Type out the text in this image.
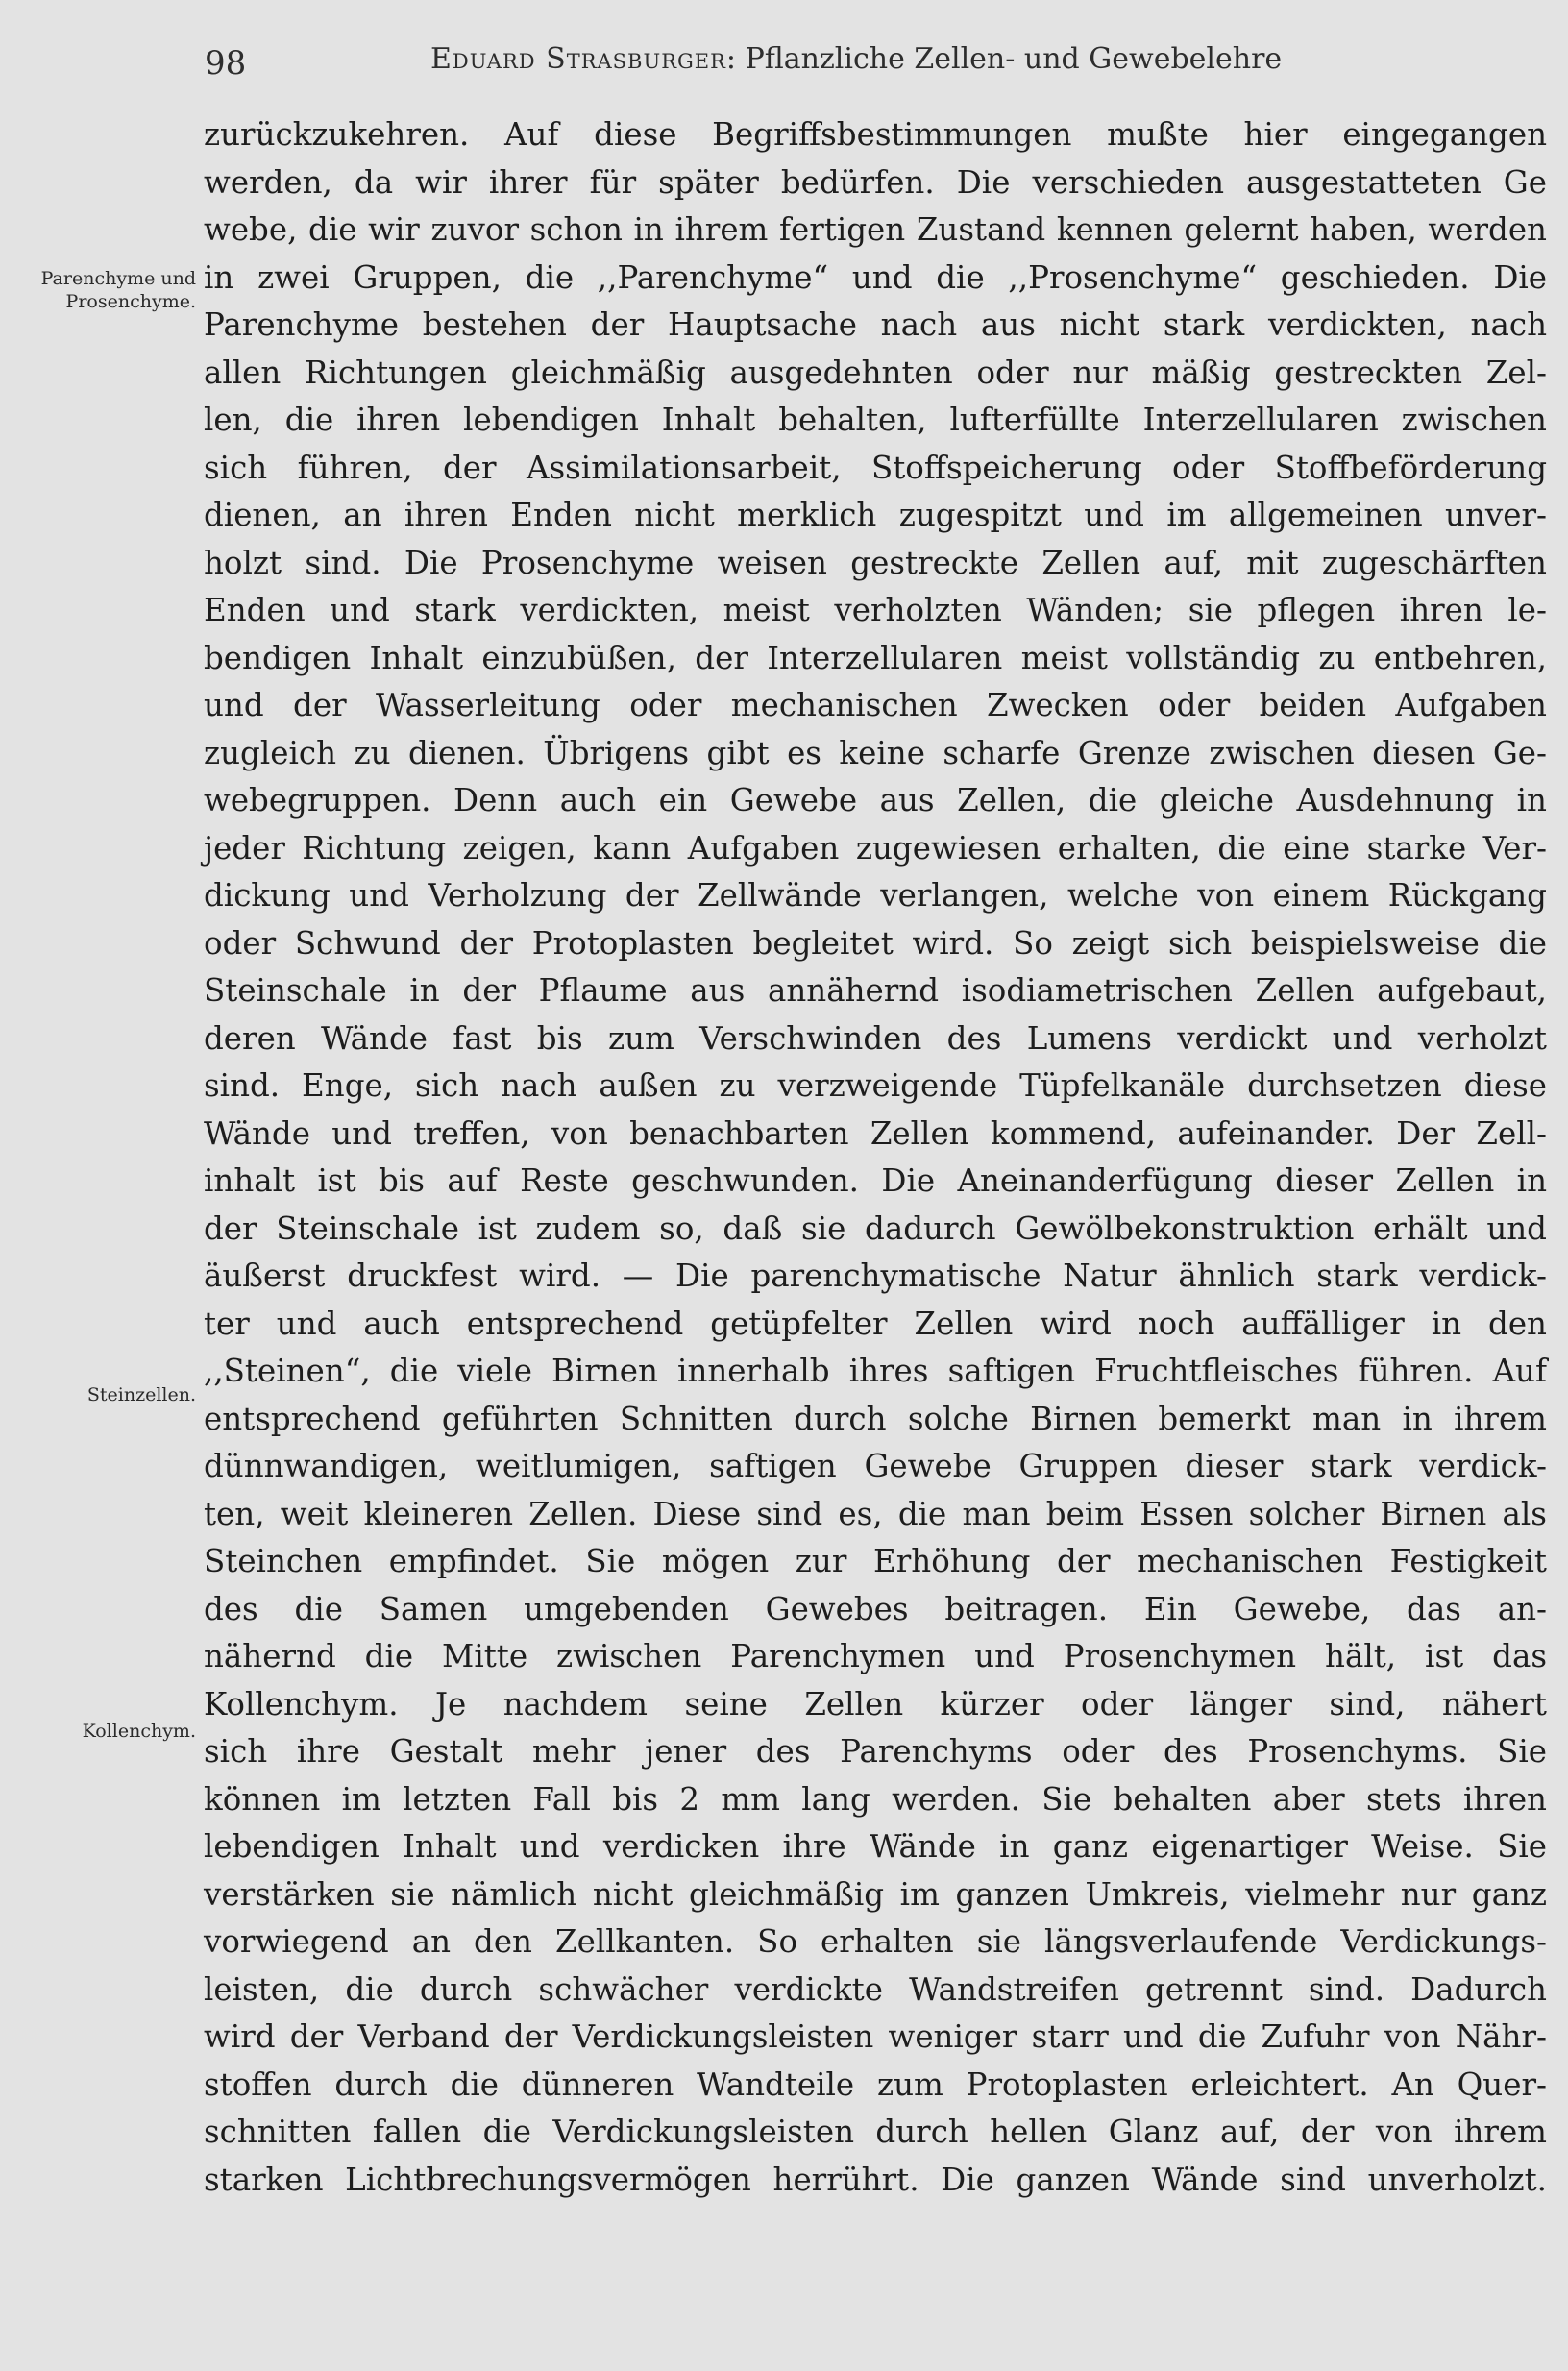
98	Eduard Strasburger: Pflanzliche Zellen- und Gewebelehre
Parenchyme und
Prosenchyme.
Steinzellen.
Kollenchym.
zurückzukehren. Auf diese Begriffsbestimmungen mußte hier eingegangen
werden, da wir ihrer für später bedürfen. Die verschieden ausgestatteten Ge
webe, die wir zuvor schon in ihrem fertigen Zustand kennen gelernt haben, werden
in zwei Gruppen, die ,,Parenchyme“ und die ,,Prosenchyme“ geschieden. Die
Parenchyme bestehen der Hauptsache nach aus nicht stark verdickten, nach
allen Richtungen gleichmäßig ausgedehnten oder nur mäßig gestreckten Zel-
len, die ihren lebendigen Inhalt behalten, lufterfüllte Interzellularen zwischen
sich führen, der Assimilationsarbeit, Stoffspeicherung oder Stoffbeförderung
dienen, an ihren Enden nicht merklich zugespitzt und im allgemeinen unver-
holzt sind. Die Prosenchyme weisen gestreckte Zellen auf, mit zugeschärften
Enden und stark verdickten, meist verholzten Wänden; sie pflegen ihren le-
bendigen Inhalt einzubüßen, der Interzellularen meist vollständig zu entbehren,
und der Wasserleitung oder mechanischen Zwecken oder beiden Aufgaben
zugleich zu dienen. Übrigens gibt es keine scharfe Grenze zwischen diesen Ge-
webegruppen. Denn auch ein Gewebe aus Zellen, die gleiche Ausdehnung in
jeder Richtung zeigen, kann Aufgaben zugewiesen erhalten, die eine starke Ver-
dickung und Verholzung der Zellwände verlangen, welche von einem Rückgang
oder Schwund der Protoplasten begleitet wird. So zeigt sich beispielsweise die
Steinschale in der Pflaume aus annähernd isodiametrischen Zellen aufgebaut,
deren Wände fast bis zum Verschwinden des Lumens verdickt und verholzt
sind. Enge, sich nach außen zu verzweigende Tüpfelkanäle durchsetzen diese
Wände und treffen, von benachbarten Zellen kommend, aufeinander. Der Zell-
inhalt ist bis auf Reste geschwunden. Die Aneinanderfügung dieser Zellen in
der Steinschale ist zudem so, daß sie dadurch Gewölbekonstruktion erhält und
äußerst druckfest wird. — Die parenchymatische Natur ähnlich stark verdick-
ter und auch entsprechend getüpfelter Zellen wird noch auffälliger in den
,,Steinen“, die viele Birnen innerhalb ihres saftigen Fruchtfleisches führen. Auf
entsprechend geführten Schnitten durch solche Birnen bemerkt man in ihrem
dünnwandigen, weitlumigen, saftigen Gewebe Gruppen dieser stark verdick-
ten, weit kleineren Zellen. Diese sind es, die man beim Essen solcher Birnen als
Steinchen empfindet. Sie mögen zur Erhöhung der mechanischen Festigkeit
des die Samen umgebenden Gewebes beitragen. Ein Gewebe, das an-
nähernd die Mitte zwischen Parenchymen und Prosenchymen hält, ist das
Kollenchym. Je nachdem seine Zellen kürzer oder länger sind, nähert
sich ihre Gestalt mehr jener des Parenchyms oder des Prosenchyms. Sie
können im letzten Fall bis 2 mm lang werden. Sie behalten aber stets ihren
lebendigen Inhalt und verdicken ihre Wände in ganz eigenartiger Weise. Sie
verstärken sie nämlich nicht gleichmäßig im ganzen Umkreis, vielmehr nur ganz
vorwiegend an den Zellkanten. So erhalten sie längsverlaufende Verdickungs-
leisten, die durch schwächer verdickte Wandstreifen getrennt sind. Dadurch
wird der Verband der Verdickungsleisten weniger starr und die Zufuhr von Nähr-
stoffen durch die dünneren Wandteile zum Protoplasten erleichtert. An Quer-
schnitten fallen die Verdickungsleisten durch hellen Glanz auf, der von ihrem
starken Lichtbrechungsvermögen herrührt. Die ganzen Wände sind unverholzt.
